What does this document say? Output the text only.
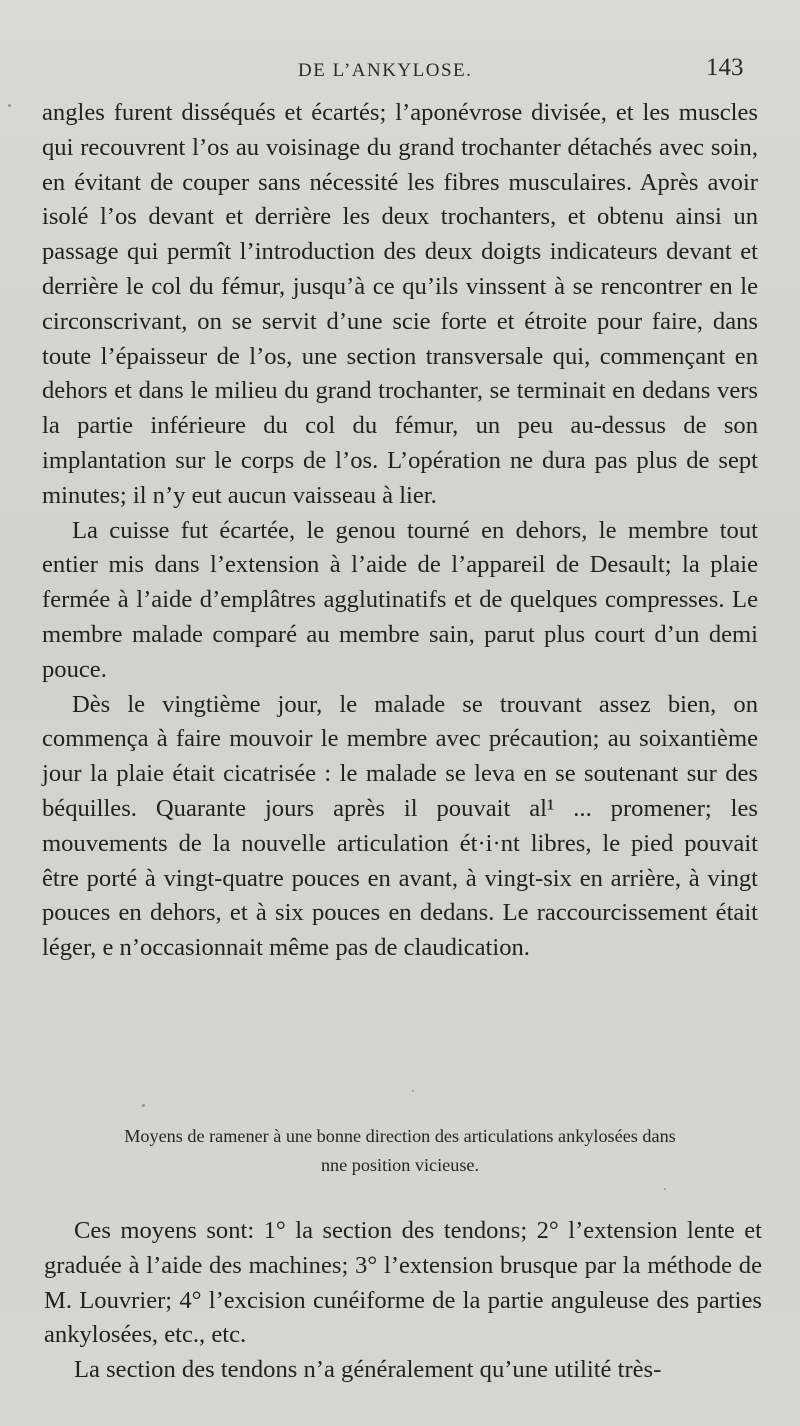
DE L’ANKYLOSE.	143

angles furent disséqués et écartés; l’aponévrose divisée, et les muscles qui recouvrent l’os au voisinage du grand trochanter détachés avec soin, en évitant de couper sans nécessité les fibres musculaires. Après avoir isolé l’os devant et derrière les deux trochanters, et obtenu ainsi un passage qui permît l’introduction des deux doigts indicateurs devant et derrière le col du fémur, jusqu’à ce qu’ils vinssent à se rencontrer en le circonscrivant, on se servit d’une scie forte et étroite pour faire, dans toute l’épaisseur de l’os, une section transversale qui, commençant en dehors et dans le milieu du grand trochanter, se terminait en dedans vers la partie inférieure du col du fémur, un peu au-dessus de son implantation sur le corps de l’os. L’opération ne dura pas plus de sept minutes; il n’y eut aucun vaisseau à lier.

La cuisse fut écartée, le genou tourné en dehors, le membre tout entier mis dans l’extension à l’aide de l’appareil de Desault; la plaie fermée à l’aide d’emplâtres agglutinatifs et de quelques compresses. Le membre malade comparé au membre sain, parut plus court d’un demi pouce.

Dès le vingtième jour, le malade se trouvant assez bien, on commença à faire mouvoir le membre avec précaution; au soixantième jour la plaie était cicatrisée : le malade se leva en se soutenant sur des béquilles. Quarante jours après il pouvait al¹ ... promener; les mouvements de la nouvelle articulation ét·i·nt libres, le pied pouvait être porté à vingt-quatre pouces en avant, à vingt-six en arrière, à vingt pouces en dehors, et à six pouces en dedans. Le raccourcissement était léger, e n’occasionnait même pas de claudication.

Moyens de ramener à une bonne direction des articulations ankylosées dans
nne position vicieuse.

Ces moyens sont: 1° la section des tendons; 2° l’extension lente et graduée à l’aide des machines; 3° l’extension brusque par la méthode de M. Louvrier; 4° l’excision cunéiforme de la partie anguleuse des parties ankylosées, etc., etc.

La section des tendons n’a généralement qu’une utilité très-
